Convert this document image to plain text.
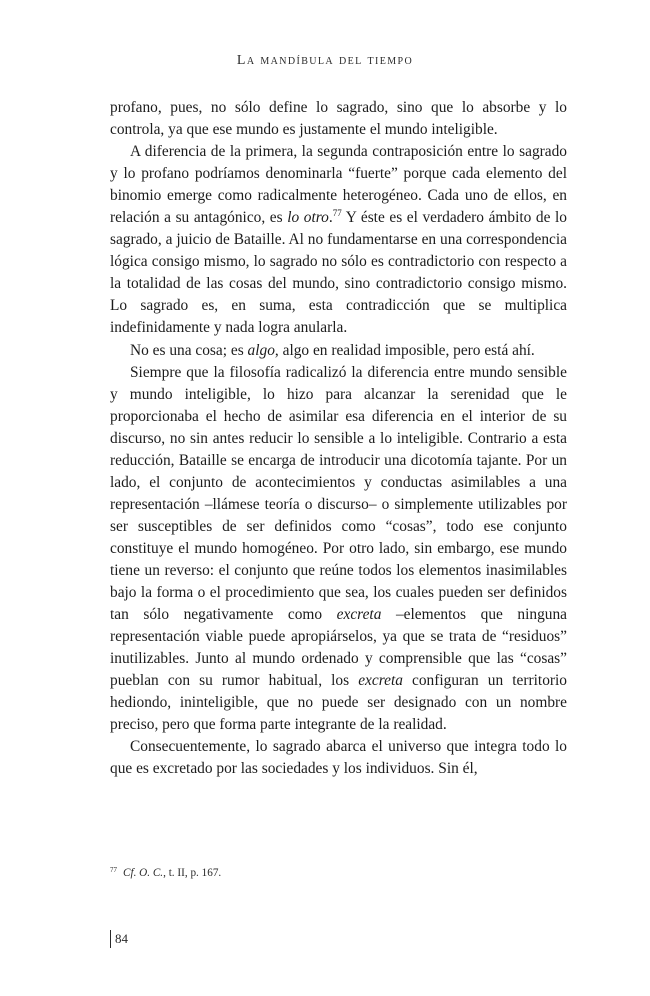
La mandíbula del tiempo

profano, pues, no sólo define lo sagrado, sino que lo absorbe y lo controla, ya que ese mundo es justamente el mundo inteligible.

A diferencia de la primera, la segunda contraposición entre lo sagrado y lo profano podríamos denominarla “fuerte” porque cada elemento del binomio emerge como radicalmente heterogéneo. Cada uno de ellos, en relación a su antagónico, es lo otro.$^{77}$ Y éste es el verdadero ámbito de lo sagrado, a juicio de Bataille. Al no fundamentarse en una correspondencia lógica consigo mismo, lo sagrado no sólo es contradictorio con respecto a la totalidad de las cosas del mundo, sino contradictorio consigo mismo. Lo sagrado es, en suma, esta contradicción que se multiplica indefinidamente y nada logra anularla.

No es una cosa; es algo, algo en realidad imposible, pero está ahí.

Siempre que la filosofía radicalizó la diferencia entre mundo sensible y mundo inteligible, lo hizo para alcanzar la serenidad que le proporcionaba el hecho de asimilar esa diferencia en el interior de su discurso, no sin antes reducir lo sensible a lo inteligible. Contrario a esta reducción, Bataille se encarga de introducir una dicotomía tajante. Por un lado, el conjunto de acontecimientos y conductas asimilables a una representación –llámese teoría o discurso– o simplemente utilizables por ser susceptibles de ser definidos como “cosas”, todo ese conjunto constituye el mundo homogéneo. Por otro lado, sin embargo, ese mundo tiene un reverso: el conjunto que reúne todos los elementos inasimilables bajo la forma o el procedimiento que sea, los cuales pueden ser definidos tan sólo negativamente como excreta –elementos que ninguna representación viable puede apropiárselos, ya que se trata de “residuos” inutilizables. Junto al mundo ordenado y comprensible que las “cosas” pueblan con su rumor habitual, los excreta configuran un territorio hediondo, ininteligible, que no puede ser designado con un nombre preciso, pero que forma parte integrante de la realidad.

Consecuentemente, lo sagrado abarca el universo que integra todo lo que es excretado por las sociedades y los individuos. Sin él,

$^{77}$ Cf. O. C., t. II, p. 167.
84
